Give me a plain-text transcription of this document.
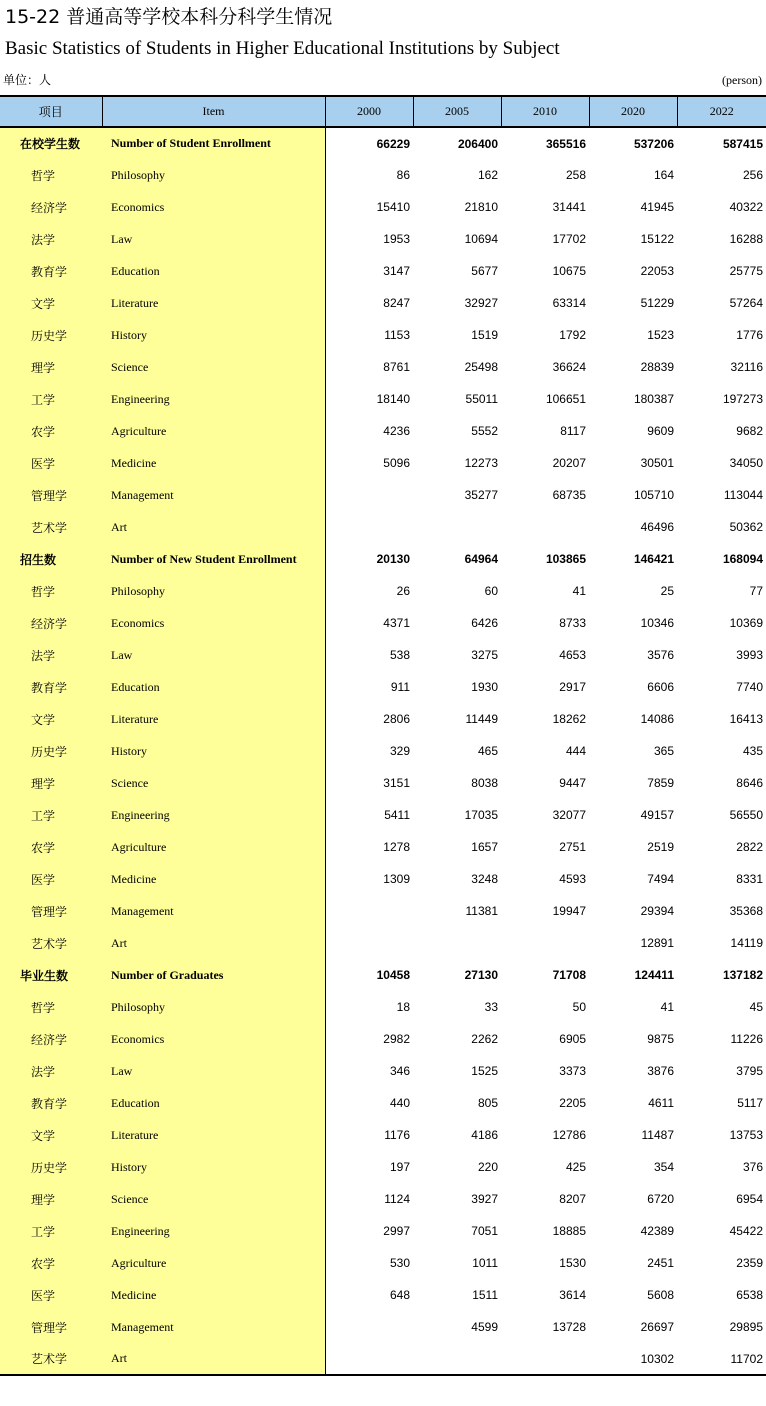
15-22 普通高等学校本科分科学生情况
Basic Statistics of Students in Higher Educational Institutions by Subject
单位：人	(person)
项目	Item	2000	2005	2010	2020	2022
在校学生数	Number of Student Enrollment	66229	206400	365516	537206	587415
哲学	Philosophy	86	162	258	164	256
经济学	Economics	15410	21810	31441	41945	40322
法学	Law	1953	10694	17702	15122	16288
教育学	Education	3147	5677	10675	22053	25775
文学	Literature	8247	32927	63314	51229	57264
历史学	History	1153	1519	1792	1523	1776
理学	Science	8761	25498	36624	28839	32116
工学	Engineering	18140	55011	106651	180387	197273
农学	Agriculture	4236	5552	8117	9609	9682
医学	Medicine	5096	12273	20207	30501	34050
管理学	Management		35277	68735	105710	113044
艺术学	Art				46496	50362
招生数	Number of New Student Enrollment	20130	64964	103865	146421	168094
哲学	Philosophy	26	60	41	25	77
经济学	Economics	4371	6426	8733	10346	10369
法学	Law	538	3275	4653	3576	3993
教育学	Education	911	1930	2917	6606	7740
文学	Literature	2806	11449	18262	14086	16413
历史学	History	329	465	444	365	435
理学	Science	3151	8038	9447	7859	8646
工学	Engineering	5411	17035	32077	49157	56550
农学	Agriculture	1278	1657	2751	2519	2822
医学	Medicine	1309	3248	4593	7494	8331
管理学	Management		11381	19947	29394	35368
艺术学	Art				12891	14119
毕业生数	Number of Graduates	10458	27130	71708	124411	137182
哲学	Philosophy	18	33	50	41	45
经济学	Economics	2982	2262	6905	9875	11226
法学	Law	346	1525	3373	3876	3795
教育学	Education	440	805	2205	4611	5117
文学	Literature	1176	4186	12786	11487	13753
历史学	History	197	220	425	354	376
理学	Science	1124	3927	8207	6720	6954
工学	Engineering	2997	7051	18885	42389	45422
农学	Agriculture	530	1011	1530	2451	2359
医学	Medicine	648	1511	3614	5608	6538
管理学	Management		4599	13728	26697	29895
艺术学	Art				10302	11702
